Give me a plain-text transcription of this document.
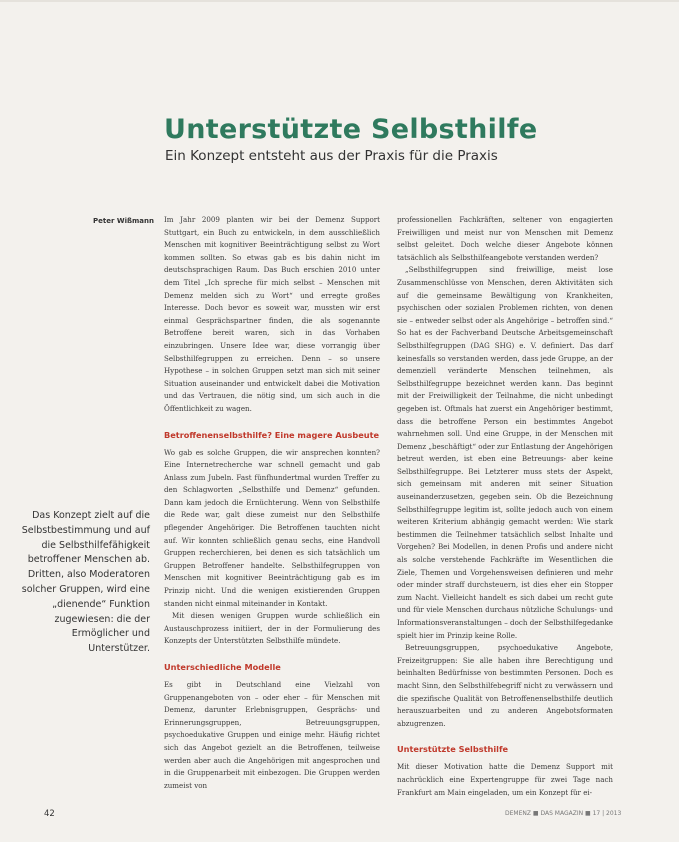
Unterstützte Selbsthilfe
Ein Konzept entsteht aus der Praxis für die Praxis
Peter Wißmann
Das Konzept zielt auf die Selbstbestimmung und auf die Selbsthilfefähigkeit betroffener Menschen ab. Dritten, also Moderatoren solcher Gruppen, wird eine „dienende“ Funktion zugewiesen: die der Ermöglicher und Unterstützer.

Im Jahr 2009 planten wir bei der Demenz Support Stuttgart, ein Buch zu entwickeln, in dem ausschließlich Menschen mit kognitiver Beeinträchtigung selbst zu Wort kommen sollten. So etwas gab es bis dahin nicht im deutschsprachigen Raum. Das Buch erschien 2010 unter dem Titel „Ich spreche für mich selbst – Menschen mit Demenz melden sich zu Wort“ und erregte großes Interesse. Doch bevor es soweit war, mussten wir erst einmal Gesprächspartner finden, die als sogenannte Betroffene bereit waren, sich in das Vorhaben einzubringen. Unsere Idee war, diese vorrangig über Selbsthilfegruppen zu erreichen. Denn – so unsere Hypothese – in solchen Gruppen setzt man sich mit seiner Situation auseinander und entwickelt dabei die Motivation und das Vertrauen, die nötig sind, um sich auch in die Öffentlichkeit zu wagen.

Betroffenenselbsthilfe? Eine magere Ausbeute

Wo gab es solche Gruppen, die wir ansprechen konnten? Eine Internetrecherche war schnell gemacht und gab Anlass zum Jubeln. Fast fünfhundertmal wurden Treffer zu den Schlagworten „Selbsthilfe und Demenz“ gefunden. Dann kam jedoch die Ernüchterung. Wenn von Selbsthilfe die Rede war, galt diese zumeist nur den Selbsthilfe pflegender Angehöriger. Die Betroffenen tauchten nicht auf. Wir konnten schließlich genau sechs, eine Handvoll Gruppen recherchieren, bei denen es sich tatsächlich um Gruppen Betroffener handelte. Selbsthilfegruppen von Menschen mit kognitiver Beeinträchtigung gab es im Prinzip nicht. Und die wenigen existierenden Gruppen standen nicht einmal miteinander in Kontakt.

Mit diesen wenigen Gruppen wurde schließlich ein Austauschprozess initiiert, der in der Formulierung des Konzepts der Unterstützten Selbsthilfe mündete.

Unterschiedliche Modelle

Es gibt in Deutschland eine Vielzahl von Gruppenangeboten von – oder eher – für Menschen mit Demenz, darunter Erlebnisgruppen, Gesprächs- und Erinnerungsgruppen, Betreuungsgruppen, psychoedukative Gruppen und einige mehr. Häufig richtet sich das Angebot gezielt an die Betroffenen, teilweise werden aber auch die Angehörigen mit angesprochen und in die Gruppenarbeit mit einbezogen. Die Gruppen werden zumeist von

professionellen Fachkräften, seltener von engagierten Freiwilligen und meist nur von Menschen mit Demenz selbst geleitet. Doch welche dieser Angebote können tatsächlich als Selbsthilfeangebote verstanden werden?

„Selbsthilfegruppen sind freiwillige, meist lose Zusammenschlüsse von Menschen, deren Aktivitäten sich auf die gemeinsame Bewältigung von Krankheiten, psychischen oder sozialen Problemen richten, von denen sie – entweder selbst oder als Angehörige – betroffen sind.“ So hat es der Fachverband Deutsche Arbeitsgemeinschaft Selbsthilfegruppen (DAG SHG) e. V. definiert. Das darf keinesfalls so verstanden werden, dass jede Gruppe, an der demenziell veränderte Menschen teilnehmen, als Selbsthilfegruppe bezeichnet werden kann. Das beginnt mit der Freiwilligkeit der Teilnahme, die nicht unbedingt gegeben ist. Oftmals hat zuerst ein Angehöriger bestimmt, dass die betroffene Person ein bestimmtes Angebot wahrnehmen soll. Und eine Gruppe, in der Menschen mit Demenz „beschäftigt“ oder zur Entlastung der Angehörigen betreut werden, ist eben eine Betreuungs- aber keine Selbsthilfegruppe. Bei Letzterer muss stets der Aspekt, sich gemeinsam mit anderen mit seiner Situation auseinanderzusetzen, gegeben sein. Ob die Bezeichnung Selbsthilfegruppe legitim ist, sollte jedoch auch von einem weiteren Kriterium abhängig gemacht werden: Wie stark bestimmen die Teilnehmer tatsächlich selbst Inhalte und Vorgehen? Bei Modellen, in denen Profis und andere nicht als solche verstehende Fachkräfte im Wesentlichen die Ziele, Themen und Vorgehensweisen definieren und mehr oder minder straff durchsteuern, ist dies eher ein Stopper zum Nacht. Vielleicht handelt es sich dabei um recht gute und für viele Menschen durchaus nützliche Schulungs- und Informationsveranstaltungen – doch der Selbsthilfegedanke spielt hier im Prinzip keine Rolle.

Betreuungsgruppen, psychoedukative Angebote, Freizeitgruppen: Sie alle haben ihre Berechtigung und beinhalten Bedürfnisse von bestimmten Personen. Doch es macht Sinn, den Selbsthilfebegriff nicht zu verwässern und die spezifische Qualität von Betroffenenselbsthilfe deutlich herauszuarbeiten und zu anderen Angebotsformaten abzugrenzen.

Unterstützte Selbsthilfe

Mit dieser Motivation hatte die Demenz Support mit nachrücklich eine Expertengruppe für zwei Tage nach Frankfurt am Main eingeladen, um ein Konzept für ei-

42	DEMENZ ■ DAS MAGAZIN ■ 17 | 2013
